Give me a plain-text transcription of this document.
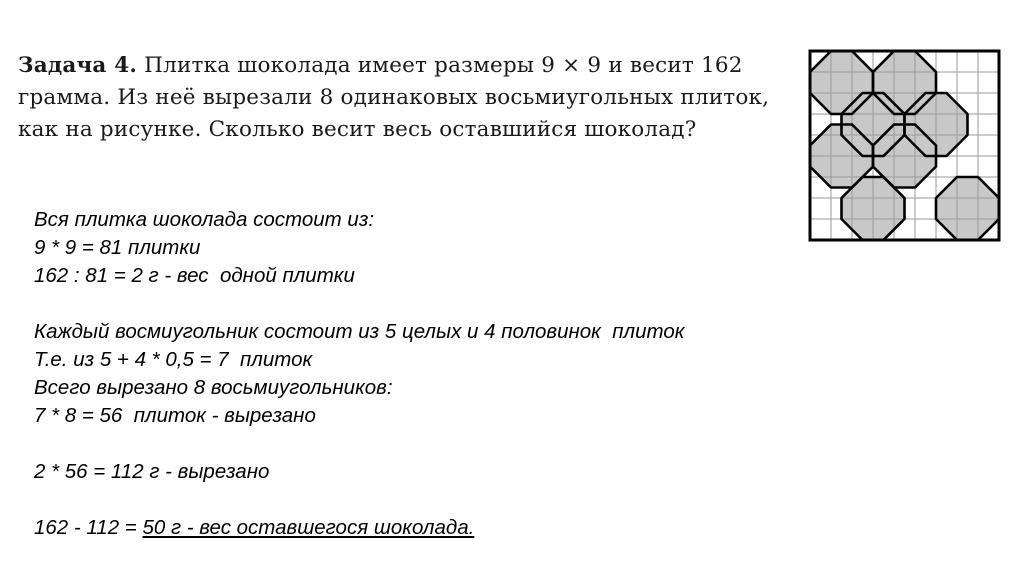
Задача 4. Плитка шоколада имеет размеры 9 × 9 и весит 162 грамма. Из неё вырезали 8 одинаковых восьмиугольных плиток, как на рисунке. Сколько весит весь оставшийся шоколад?
Вся плитка шоколада состоит из:
9 * 9 = 81 плитки
162 : 81 = 2 г - вес  одной плитки
Каждый восмиугольник состоит из 5 целых и 4 половинок  плиток
Т.е. из 5 + 4 * 0,5 = 7  плиток
Всего вырезано 8 восьмиугольников:
7 * 8 = 56  плиток - вырезано
2 * 56 = 112 г - вырезано
162 - 112 = 50 г - вес оставшегося шоколада.
